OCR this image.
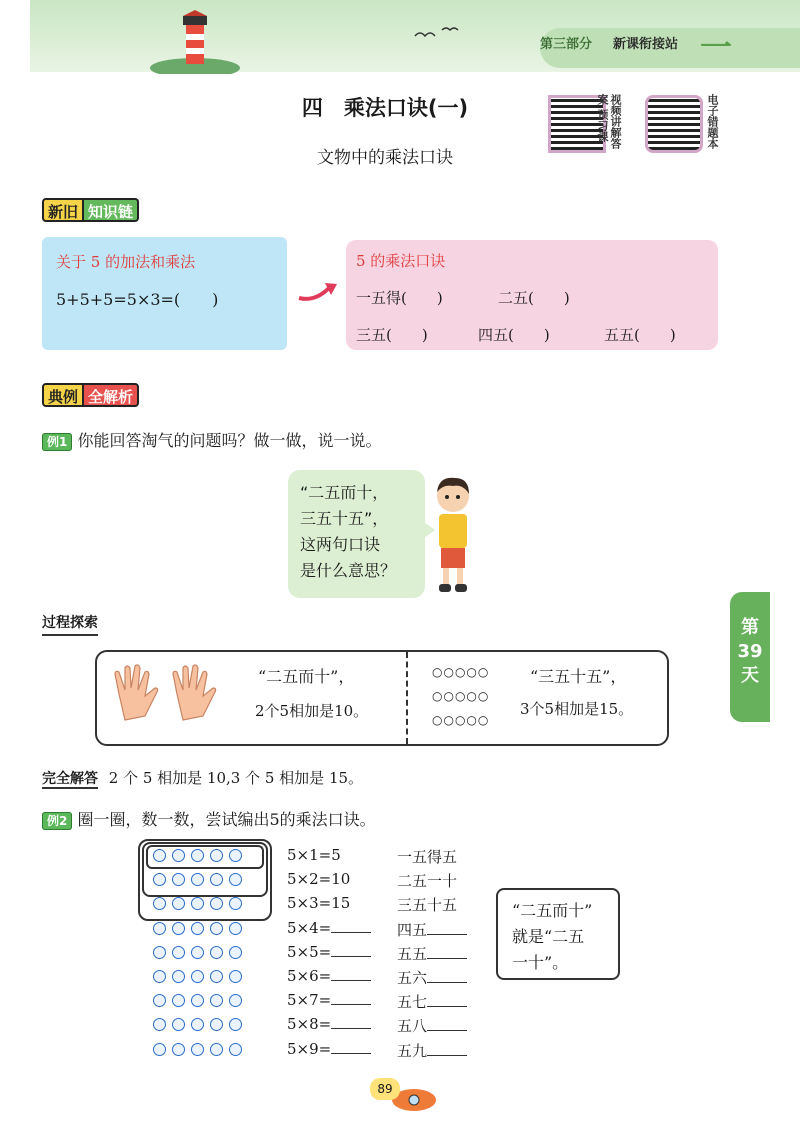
第三部分 新课衔接站 一
四　乘法口诀(一)
文物中的乘法口诀
视频讲解答案 预习课	电子错题本
新旧 知识链
关于 5 的加法和乘法
5+5+5=5×3=(　　)
5 的乘法口诀
一五得(　　)	二五(　　)
三五(　　)	四五(　　)	五五(　　)
典例 全解析
例1 你能回答淘气的问题吗？做一做，说一说。
“二五而十，
三五十五”，
这两句口诀
是什么意思？
过程探索
“二五而十”，
2个5相加是10。
○○○○○
○○○○○
○○○○○
“三五十五”，
3个5相加是15。
完全解答 2 个 5 相加是 10,3 个 5 相加是 15。
例2 圈一圈，数一数，尝试编出5的乘法口诀。
5×1=5	一五得五
5×2=10	二五一十
5×3=15	三五十五
5×4=	四五
5×5=	五五
5×6=	五六
5×7=	五七
5×8=	五八
5×9=	五九
“二五而十”
就是“二五
一十”。
第
39
天
89
